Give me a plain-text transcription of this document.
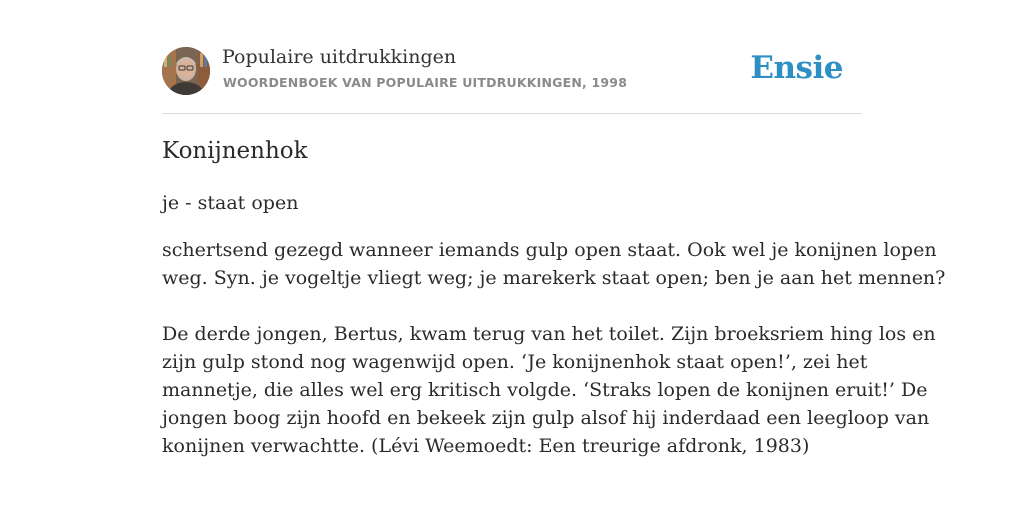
Populaire uitdrukkingen
WOORDENBOEK VAN POPULAIRE UITDRUKKINGEN, 1998	Ensie
Konijnenhok
je - staat open

schertsend gezegd wanneer iemands gulp open staat. Ook wel je konijnen lopen
weg. Syn. je vogeltje vliegt weg; je marekerk staat open; ben je aan het mennen?

De derde jongen, Bertus, kwam terug van het toilet. Zijn broeksriem hing los en
zijn gulp stond nog wagenwijd open. ‘Je konijnenhok staat open!’, zei het
mannetje, die alles wel erg kritisch volgde. ‘Straks lopen de konijnen eruit!’ De
jongen boog zijn hoofd en bekeek zijn gulp alsof hij inderdaad een leegloop van
konijnen verwachtte. (Lévi Weemoedt: Een treurige afdronk, 1983)
